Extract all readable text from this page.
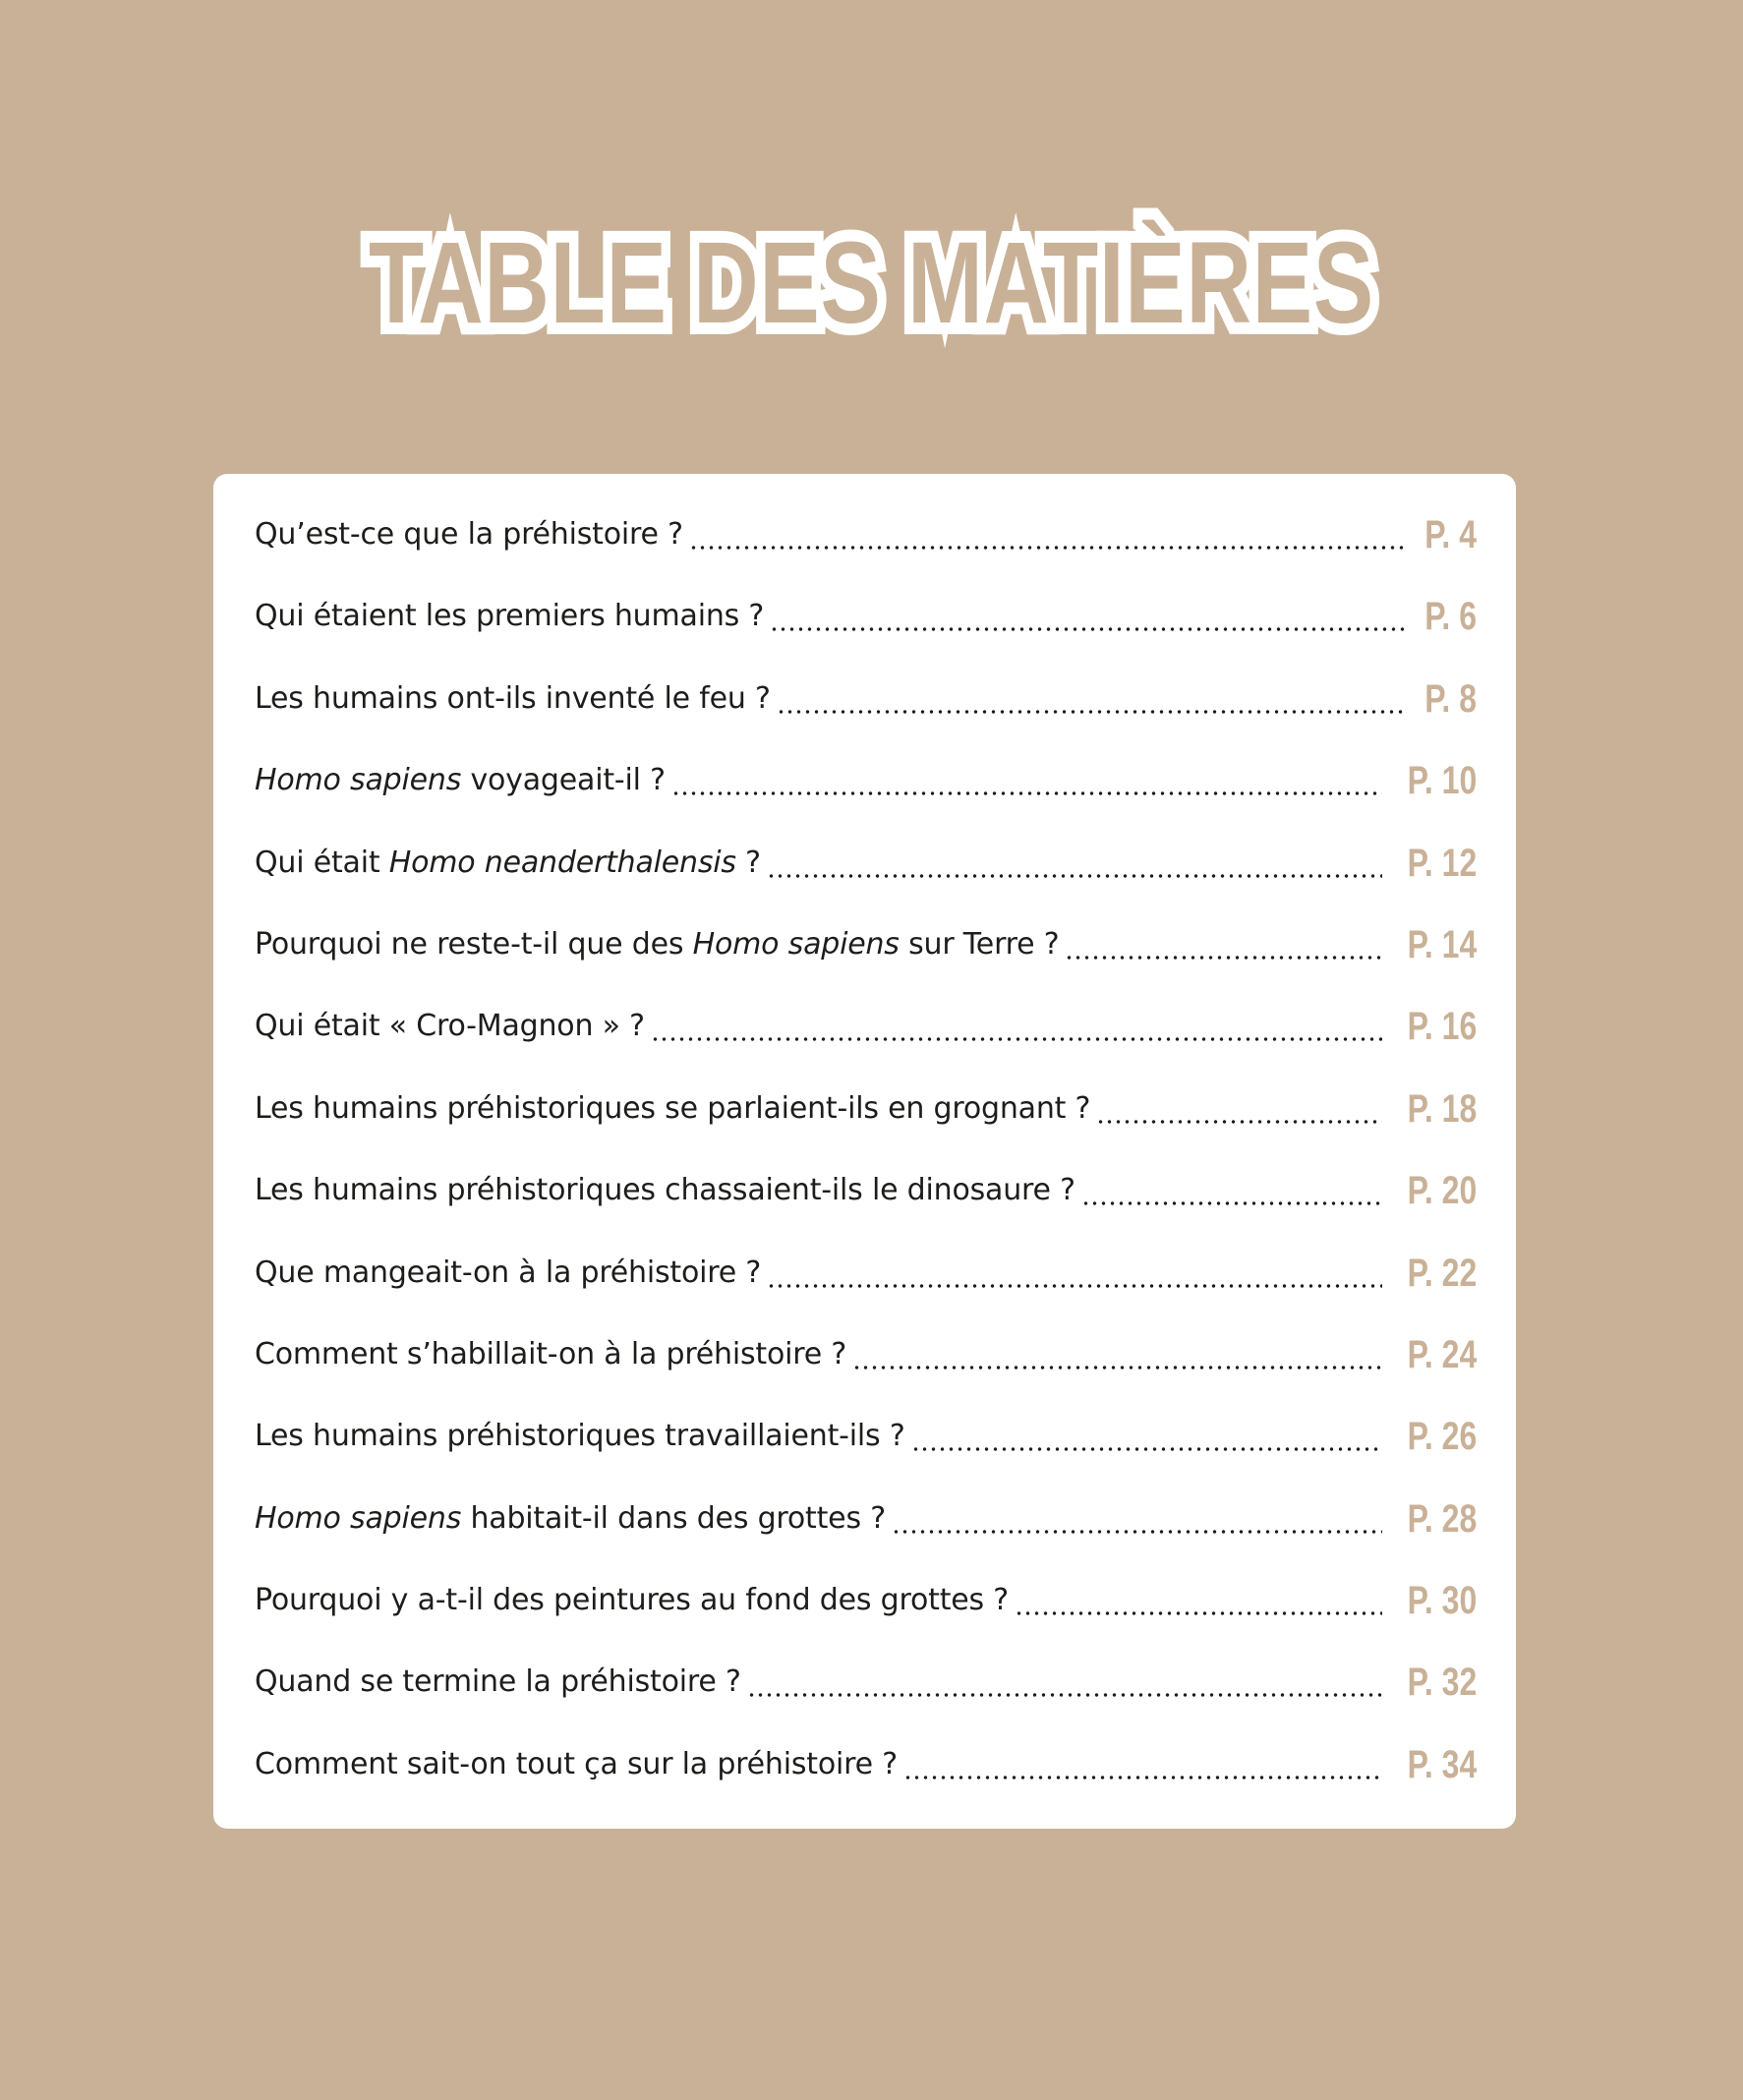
TABLE DES MATIÈRES
Qu’est-ce que la préhistoire ?	P. 4
Qui étaient les premiers humains ?	P. 6
Les humains ont-ils inventé le feu ?	P. 8
Homo sapiens voyageait-il ?	P. 10
Qui était Homo neanderthalensis ?	P. 12
Pourquoi ne reste-t-il que des Homo sapiens sur Terre ?	P. 14
Qui était « Cro-Magnon » ?	P. 16
Les humains préhistoriques se parlaient-ils en grognant ?	P. 18
Les humains préhistoriques chassaient-ils le dinosaure ?	P. 20
Que mangeait-on à la préhistoire ?	P. 22
Comment s’habillait-on à la préhistoire ?	P. 24
Les humains préhistoriques travaillaient-ils ?	P. 26
Homo sapiens habitait-il dans des grottes ?	P. 28
Pourquoi y a-t-il des peintures au fond des grottes ?	P. 30
Quand se termine la préhistoire ?	P. 32
Comment sait-on tout ça sur la préhistoire ?	P. 34
